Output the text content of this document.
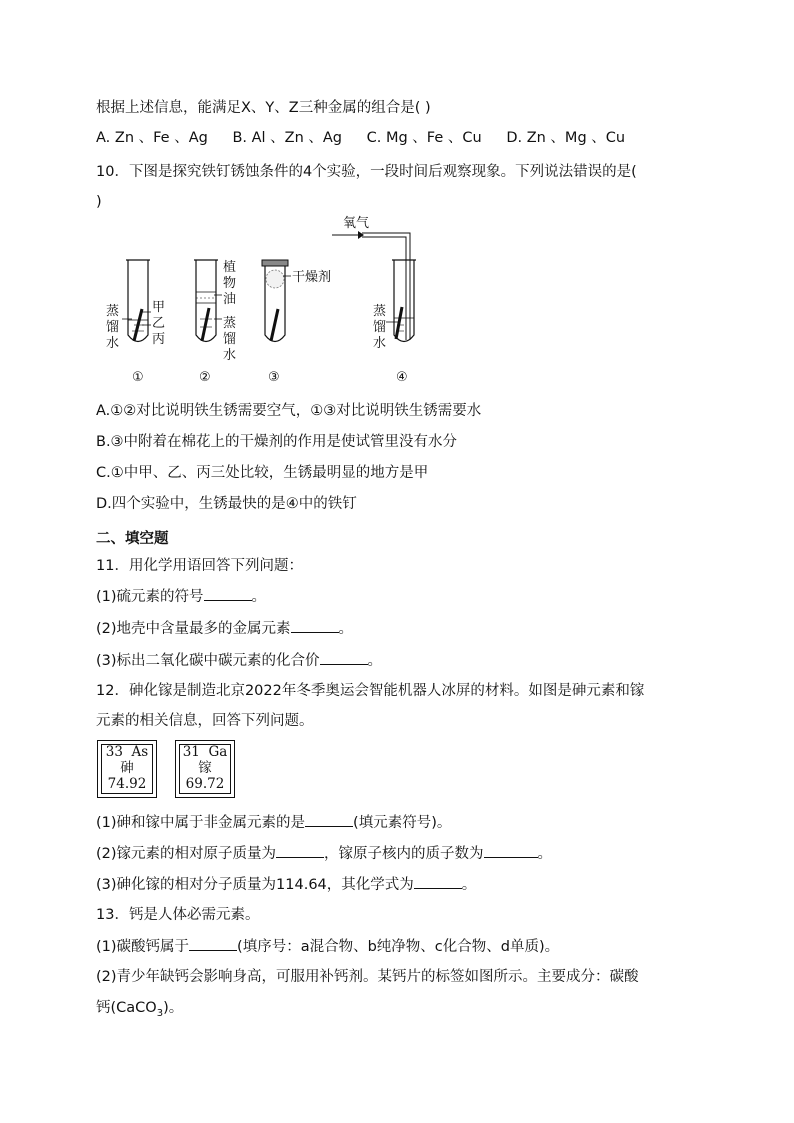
根据上述信息，能满足X、Y、Z三种金属的组合是( )
A. Zn 、Fe 、Ag B. Al 、Zn 、Ag C. Mg 、Fe 、Cu D. Zn 、Mg 、Cu
10．下图是探究铁钉锈蚀条件的4个实验，一段时间后观察现象。下列说法错误的是(
)
蒸
馏
水
甲
乙
丙
①
植
物
油
蒸
馏
水
②
干燥剂
③
氧气
蒸
馏
水
④
A.①②对比说明铁生锈需要空气，①③对比说明铁生锈需要水
B.③中附着在棉花上的干燥剂的作用是使试管里没有水分
C.①中甲、乙、丙三处比较，生锈最明显的地方是甲
D.四个实验中，生锈最快的是④中的铁钉
二、填空题
11．用化学用语回答下列问题：
(1)硫元素的符号	。
(2)地壳中含量最多的金属元素	。
(3)标出二氧化碳中碳元素的化合价	。
12．砷化镓是制造北京2022年冬季奥运会智能机器人冰屏的材料。如图是砷元素和镓
元素的相关信息，回答下列问题。
33 As
砷
74.92
31 Ga
镓
69.72
(1)砷和镓中属于非金属元素的是	(填元素符号)。
(2)镓元素的相对原子质量为	，镓原子核内的质子数为	。
(3)砷化镓的相对分子质量为114.64，其化学式为	。
13．钙是人体必需元素。
(1)碳酸钙属于	(填序号：a混合物、b纯净物、c化合物、d单质)。
(2)青少年缺钙会影响身高，可服用补钙剂。某钙片的标签如图所示。主要成分：碳酸
钙(CaCO$_3$)。
